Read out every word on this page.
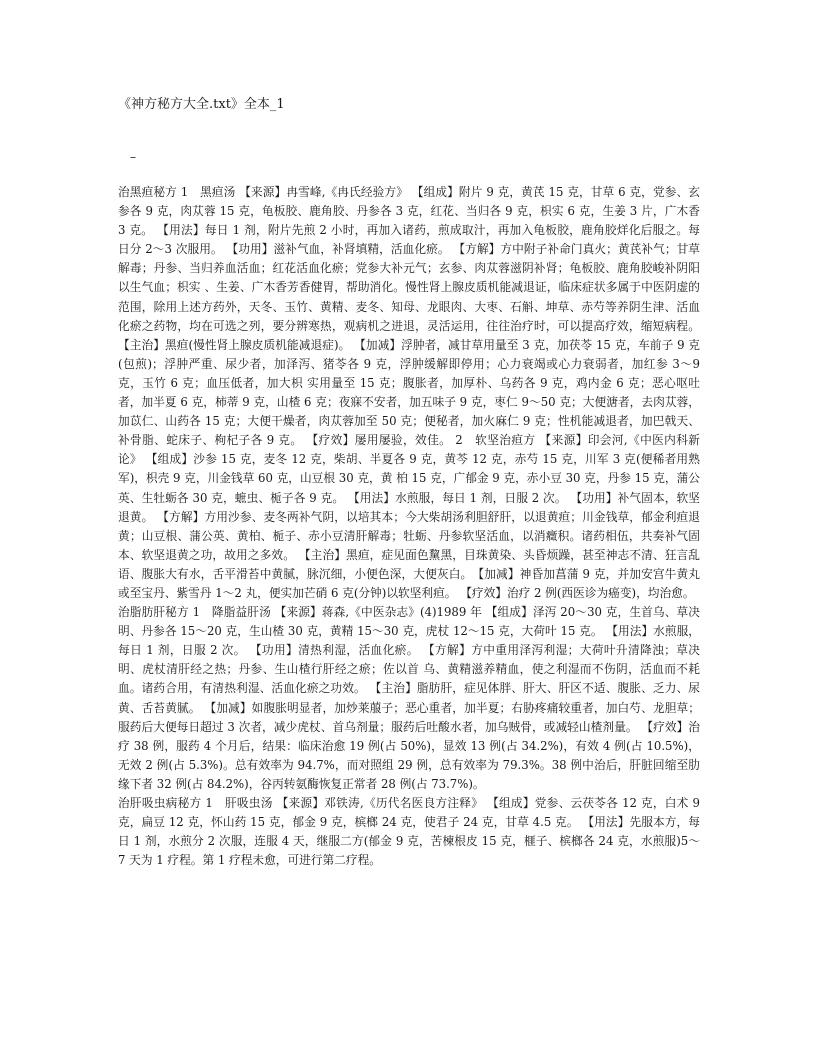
《神方秘方大全.txt》全本_1
–

治黑疸秘方 1　黑疸汤 【来源】冉雪峰,《冉氏经验方》 【组成】附片 9 克，黄芪 15 克，甘草 6 克，党参、玄参各 9 克，肉苁蓉 15 克，龟板胶、鹿角胶、丹参各 3 克，红花、当归各 9 克，枳实 6 克，生姜 3 片，广木香 3 克。 【用法】每日 1 剂，附片先煎 2 小时，再加入诸药，煎成取汁，再加入龟板胶，鹿角胶烊化后服之。每日分 2～3 次服用。 【功用】滋补气血，补肾填精，活血化瘀。 【方解】方中附子补命门真火；黄芪补气；甘草解毒；丹参、当归养血活血；红花活血化瘀；党参大补元气；玄参、肉苁蓉滋阴补肾；龟板胶、鹿角胶峻补阴阳以生气血；枳实 、生姜、广木香芳香健胃，帮助消化。慢性肾上腺皮质机能减退证，临床症状多属于中医阴虚的范围，除用上述方药外，天冬、玉竹、黄精、麦冬、知母、龙眼肉、大枣、石斛、坤草、赤芍等养阴生津、活血化瘀之药物，均在可选之列，要分辨寒热，观病机之进退，灵活运用，往往治疗时，可以提高疗效，缩短病程。 【主治】黑疸(慢性肾上腺皮质机能减退症)。 【加减】浮肿者，减甘草用量至 3 克，加茯苓 15 克，车前子 9 克(包煎)；浮肿严重、尿少者，加泽泻、猪苓各 9 克，浮肿缓解即停用；心力衰竭或心力衰弱者，加红参 3～9 克，玉竹 6 克；血压低者，加大枳 实用量至 15 克；腹胀者，加厚朴、乌药各 9 克，鸡内金 6 克；恶心呕吐者，加半夏 6 克，柿蒂 9 克，山楂 6 克；夜寐不安者，加五味子 9 克，枣仁 9～50 克；大便溏者，去肉苁蓉，加苡仁、山药各 15 克；大便干燥者，肉苁蓉加至 50 克；便秘者，加火麻仁 9 克；性机能减退者，加巴戟天、补骨脂、蛇床子、枸杞子各 9 克。 【疗效】屡用屡验，效佳。 2　软坚治疸方 【来源】印会河,《中医内科新论》 【组成】沙参 15 克，麦冬 12 克，柴胡、半夏各 9 克，黄芩 12 克，赤芍 15 克，川军 3 克(便稀者用熟军)，枳壳 9 克，川金钱草 60 克，山豆根 30 克，黄 柏 15 克，广郁金 9 克，赤小豆 30 克，丹参 15 克，蒲公英、生牡蛎各 30 克，蟅虫、栀子各 9 克。 【用法】水煎服，每日 1 剂，日服 2 次。 【功用】补气固本，软坚退黄。 【方解】方用沙参、麦冬两补气阴，以培其本；今大柴胡汤利胆舒肝，以退黄疸；川金钱草，郁金利疸退黄；山豆根、蒲公英、黄柏、栀子、赤小豆清肝解毒；牡蛎、丹参软坚活血，以消癥积。诸药相伍，共奏补气固本、软坚退黄之功，故用之多效。 【主治】黑疸，症见面色黧黑，目珠黄染、头昏烦躁，甚至神志不清、狂言乱语、腹胀大有水，舌平滑苔中黄腻，脉沉细，小便色深，大便灰白。　【加减】神昏加菖蒲 9 克，并加安宫牛黄丸或至宝丹、紫雪丹 1～2 丸，便实加芒硝 6 克(分钟)以软坚利疸。 【疗效】治疗 2 例(西医诊为癌变)，均治愈。

治脂肪肝秘方 1　降脂益肝汤 【来源】蒋森,《中医杂志》(4)1989 年 【组成】泽泻 20～30 克，生首乌、草决明、丹参各 15～20 克，生山楂 30 克，黄精 15～30 克，虎杖 12～15 克，大荷叶 15 克。 【用法】水煎服，每日 1 剂，日服 2 次。 【功用】清热利湿，活血化瘀。 【方解】方中重用泽泻利湿；大荷叶升清降浊；草决明、虎杖清肝经之热；丹参、生山楂行肝经之瘀；佐以首 乌、黄精滋养精血，使之利湿而不伤阴，活血而不耗血。诸药合用，有清热利湿、活血化瘀之功效。 【主治】脂肪肝，症见体胖、肝大、肝区不适、腹胀、乏力、尿黄、舌苔黄腻。 【加减】如腹胀明显者，加炒莱菔子；恶心重者，加半夏；右胁疼痛较重者，加白芍、龙胆草；服药后大便每日超过 3 次者，减少虎杖、首乌剂量；服药后吐酸水者，加乌贼骨，或减轻山楂剂量。 【疗效】治疗 38 例，服药 4 个月后，结果：临床治愈 19 例(占 50%)，显效 13 例(占 34.2%)，有效 4 例(占 10.5%)，无效 2 例(占 5.3%)。总有效率为 94.7%，而对照组 29 例，总有效率为 79.3%。38 例中治后，肝脏回缩至肋缘下者 32 例(占 84.2%)，谷丙转氨酶恢复正常者 28 例(占 73.7%)。

治肝吸虫病秘方 1　肝吸虫汤 【来源】邓铁涛,《历代名医良方注释》 【组成】党参、云茯苓各 12 克，白术 9 克，扁豆 12 克，怀山药 15 克，郁金 9 克，槟榔 24 克，使君子 24 克，甘草 4.5 克。 【用法】先服本方，每日 1 剂，水煎分 2 次服，连服 4 天，继服二方(郁金 9 克，苦楝根皮 15 克，榧子、槟榔各 24 克，水煎服)5～7 天为 1 疗程。第 1 疗程未愈，可进行第二疗程。
